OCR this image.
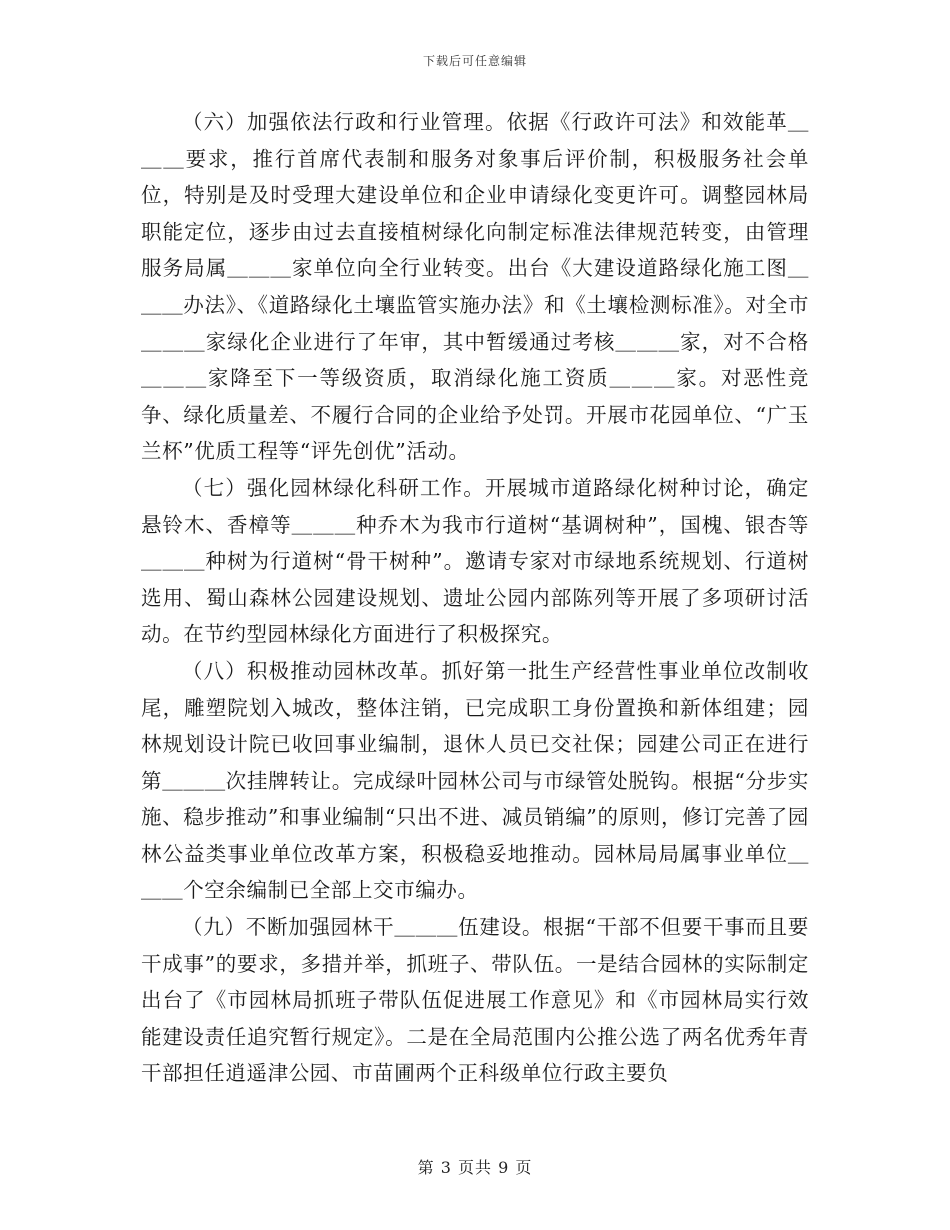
下载后可任意编辑

（六）加强依法行政和行业管理。依据《行政许可法》和效能革＿＿＿要求，推行首席代表制和服务对象事后评价制，积极服务社会单位，特别是及时受理大建设单位和企业申请绿化变更许可。调整园林局职能定位，逐步由过去直接植树绿化向制定标准法律规范转变，由管理服务局属＿＿＿家单位向全行业转变。出台《大建设道路绿化施工图＿＿＿办法》、《道路绿化土壤监管实施办法》和《土壤检测标准》。对全市＿＿＿家绿化企业进行了年审，其中暂缓通过考核＿＿＿家，对不合格＿＿＿家降至下一等级资质，取消绿化施工资质＿＿＿家。对恶性竞争、绿化质量差、不履行合同的企业给予处罚。开展市花园单位、“广玉兰杯”优质工程等“评先创优”活动。

（七）强化园林绿化科研工作。开展城市道路绿化树种讨论，确定悬铃木、香樟等＿＿＿种乔木为我市行道树“基调树种”，国槐、银杏等＿＿＿种树为行道树“骨干树种”。邀请专家对市绿地系统规划、行道树选用、蜀山森林公园建设规划、遗址公园内部陈列等开展了多项研讨活动。在节约型园林绿化方面进行了积极探究。

（八）积极推动园林改革。抓好第一批生产经营性事业单位改制收尾，雕塑院划入城改，整体注销，已完成职工身份置换和新体组建；园林规划设计院已收回事业编制，退休人员已交社保；园建公司正在进行第＿＿＿次挂牌转让。完成绿叶园林公司与市绿管处脱钩。根据“分步实施、稳步推动”和事业编制“只出不进、减员销编”的原则，修订完善了园林公益类事业单位改革方案，积极稳妥地推动。园林局局属事业单位＿＿＿个空余编制已全部上交市编办。

（九）不断加强园林干＿＿＿伍建设。根据“干部不但要干事而且要干成事”的要求，多措并举，抓班子、带队伍。一是结合园林的实际制定出台了《市园林局抓班子带队伍促进展工作意见》和《市园林局实行效能建设责任追究暂行规定》。二是在全局范围内公推公选了两名优秀年青干部担任逍遥津公园、市苗圃两个正科级单位行政主要负

第 3 页共 9 页
